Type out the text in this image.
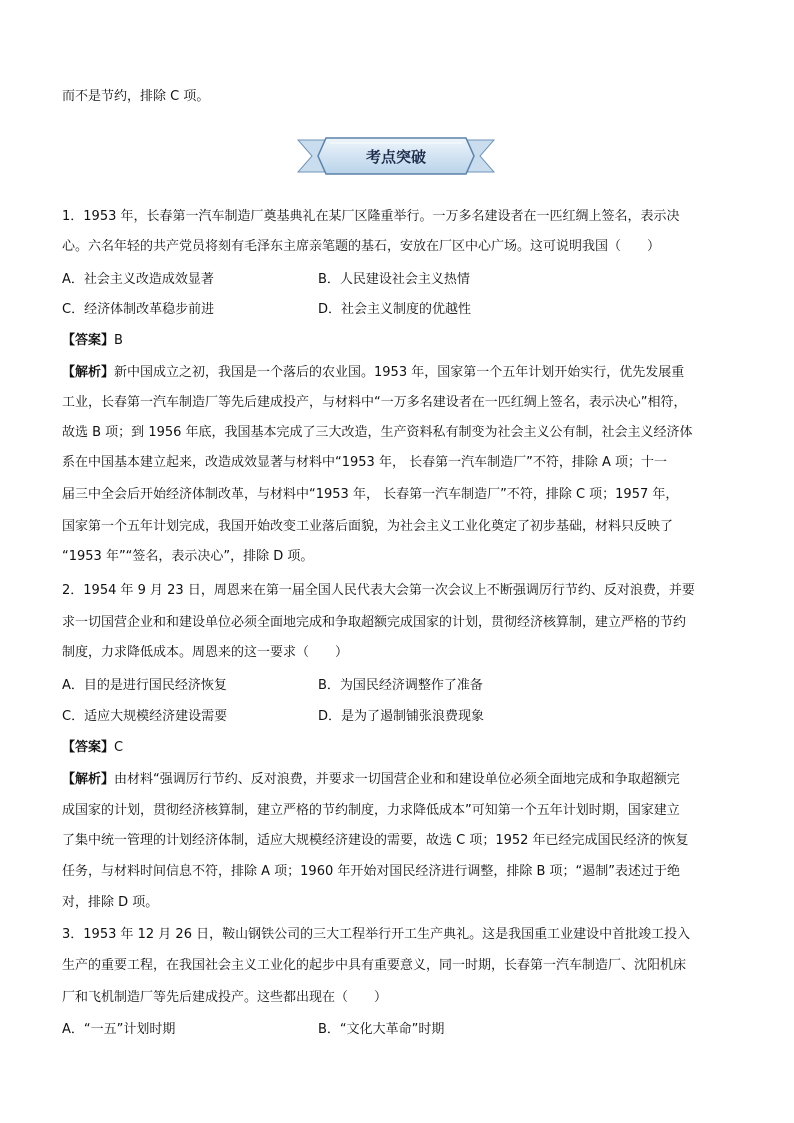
而不是节约，排除 C 项。
考点突破
1．1953 年，长春第一汽车制造厂奠基典礼在某厂区隆重举行。一万多名建设者在一匹红绸上签名，表示决
心。六名年轻的共产党员将刻有毛泽东主席亲笔题的基石，安放在厂区中心广场。这可说明我国（　　）
A．社会主义改造成效显著	B．人民建设社会主义热情
C．经济体制改革稳步前进	D．社会主义制度的优越性
【答案】B
【解析】新中国成立之初，我国是一个落后的农业国。1953 年，国家第一个五年计划开始实行，优先发展重
工业，长春第一汽车制造厂等先后建成投产，与材料中“一万多名建设者在一匹红绸上签名，表示决心”相符，
故选 B 项；到 1956 年底，我国基本完成了三大改造，生产资料私有制变为社会主义公有制，社会主义经济体
系在中国基本建立起来，改造成效显著与材料中“1953 年， 长春第一汽车制造厂”不符，排除 A 项；十一
届三中全会后开始经济体制改革，与材料中“1953 年， 长春第一汽车制造厂”不符，排除 C 项；1957 年，
国家第一个五年计划完成，我国开始改变工业落后面貌，为社会主义工业化奠定了初步基础，材料只反映了
“1953 年”“签名，表示决心”，排除 D 项。
2．1954 年 9 月 23 日，周恩来在第一届全国人民代表大会第一次会议上不断强调厉行节约、反对浪费，并要
求一切国营企业和和建设单位必须全面地完成和争取超额完成国家的计划，贯彻经济核算制，建立严格的节约
制度，力求降低成本。周恩来的这一要求（　　）
A．目的是进行国民经济恢复	B．为国民经济调整作了准备
C．适应大规模经济建设需要	D．是为了遏制铺张浪费现象
【答案】C
【解析】由材料“强调厉行节约、反对浪费，并要求一切国营企业和和建设单位必须全面地完成和争取超额完
成国家的计划，贯彻经济核算制，建立严格的节约制度，力求降低成本”可知第一个五年计划时期，国家建立
了集中统一管理的计划经济体制，适应大规模经济建设的需要，故选 C 项；1952 年已经完成国民经济的恢复
任务，与材料时间信息不符，排除 A 项；1960 年开始对国民经济进行调整，排除 B 项；“遏制”表述过于绝
对，排除 D 项。
3．1953 年 12 月 26 日，鞍山钢铁公司的三大工程举行开工生产典礼。这是我国重工业建设中首批竣工投入
生产的重要工程，在我国社会主义工业化的起步中具有重要意义，同一时期，长春第一汽车制造厂、沈阳机床
厂和飞机制造厂等先后建成投产。这些都出现在（　　）
A．“一五”计划时期	B．“文化大革命”时期
